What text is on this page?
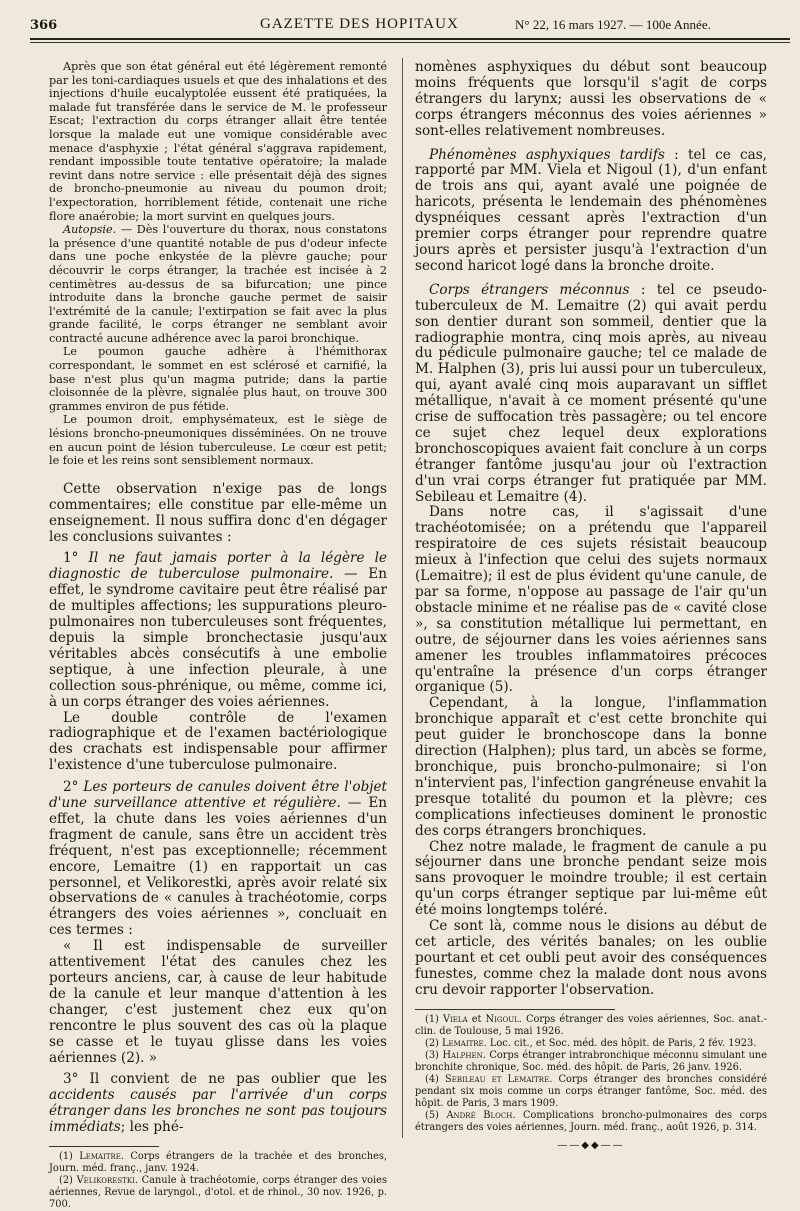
366	GAZETTE DES HOPITAUX	N° 22, 16 mars 1927. — 100e Année.

Après que son état général eut été légèrement remonté par les toni-cardiaques usuels et que des inhalations et des injections d'huile eucalyptolée eussent été pratiquées, la malade fut transférée dans le service de M. le professeur Escat; l'extraction du corps étranger allait être tentée lorsque la malade eut une vomique considérable avec menace d'asphyxie ; l'état général s'aggrava rapidement, rendant impossible toute tentative opératoire; la malade revint dans notre service : elle présentait déjà des signes de broncho-pneumonie au niveau du poumon droit; l'expectoration, horriblement fétide, contenait une riche flore anaérobie; la mort survint en quelques jours.

Autopsie. — Dès l'ouverture du thorax, nous constatons la présence d'une quantité notable de pus d'odeur infecte dans une poche enkystée de la plèvre gauche; pour découvrir le corps étranger, la trachée est incisée à 2 centimètres au-dessus de sa bifurcation; une pince introduite dans la bronche gauche permet de saisir l'extrémité de la canule; l'extirpation se fait avec la plus grande facilité, le corps étranger ne semblant avoir contracté aucune adhérence avec la paroi bronchique.

Le poumon gauche adhère à l'hémithorax correspondant, le sommet en est sclérosé et carnifié, la base n'est plus qu'un magma putride; dans la partie cloisonnée de la plèvre, signalée plus haut, on trouve 300 grammes environ de pus fétide.

Le poumon droit, emphysémateux, est le siège de lésions broncho-pneumoniques disséminées. On ne trouve en aucun point de lésion tuberculeuse. Le cœur est petit; le foie et les reins sont sensiblement normaux.

Cette observation n'exige pas de longs commentaires; elle constitue par elle-même un enseignement. Il nous suffira donc d'en dégager les conclusions suivantes :

1° Il ne faut jamais porter à la légère le diagnostic de tuberculose pulmonaire. — En effet, le syndrome cavitaire peut être réalisé par de multiples affections; les suppurations pleuro-pulmonaires non tuberculeuses sont fréquentes, depuis la simple bronchectasie jusqu'aux véritables abcès consécutifs à une embolie septique, à une infection pleurale, à une collection sous-phrénique, ou même, comme ici, à un corps étranger des voies aériennes.

Le double contrôle de l'examen radiographique et de l'examen bactériologique des crachats est indispensable pour affirmer l'existence d'une tuberculose pulmonaire.

2° Les porteurs de canules doivent être l'objet d'une surveillance attentive et régulière. — En effet, la chute dans les voies aériennes d'un fragment de canule, sans être un accident très fréquent, n'est pas exceptionnelle; récemment encore, Lemaitre (1) en rapportait un cas personnel, et Velikorestki, après avoir relaté six observations de « canules à trachéotomie, corps étrangers des voies aériennes », concluait en ces termes :

« Il est indispensable de surveiller attentivement l'état des canules chez les porteurs anciens, car, à cause de leur habitude de la canule et leur manque d'attention à les changer, c'est justement chez eux qu'on rencontre le plus souvent des cas où la plaque se casse et le tuyau glisse dans les voies aériennes (2). »

3° Il convient de ne pas oublier que les accidents causés par l'arrivée d'un corps étranger dans les bronches ne sont pas toujours immédiats; les phé-

(1) Lemaitre. Corps étrangers de la trachée et des bronches, Journ. méd. franç., janv. 1924.

(2) Velikorestki. Canule à trachéotomie, corps étranger des voies aériennes, Revue de laryngol., d'otol. et de rhinol., 30 nov. 1926, p. 700.

nomènes asphyxiques du début sont beaucoup moins fréquents que lorsqu'il s'agit de corps étrangers du larynx; aussi les observations de « corps étrangers méconnus des voies aériennes » sont-elles relativement nombreuses.

Phénomènes asphyxiques tardifs : tel ce cas, rapporté par MM. Viela et Nigoul (1), d'un enfant de trois ans qui, ayant avalé une poignée de haricots, présenta le lendemain des phénomènes dyspnéiques cessant après l'extraction d'un premier corps étranger pour reprendre quatre jours après et persister jusqu'à l'extraction d'un second haricot logé dans la bronche droite.

Corps étrangers méconnus : tel ce pseudo-tuberculeux de M. Lemaitre (2) qui avait perdu son dentier durant son sommeil, dentier que la radiographie montra, cinq mois après, au niveau du pédicule pulmonaire gauche; tel ce malade de M. Halphen (3), pris lui aussi pour un tuberculeux, qui, ayant avalé cinq mois auparavant un sifflet métallique, n'avait à ce moment présenté qu'une crise de suffocation très passagère; ou tel encore ce sujet chez lequel deux explorations bronchoscopiques avaient fait conclure à un corps étranger fantôme jusqu'au jour où l'extraction d'un vrai corps étranger fut pratiquée par MM. Sebileau et Lemaitre (4).

Dans notre cas, il s'agissait d'une trachéotomisée; on a prétendu que l'appareil respiratoire de ces sujets résistait beaucoup mieux à l'infection que celui des sujets normaux (Lemaitre); il est de plus évident qu'une canule, de par sa forme, n'oppose au passage de l'air qu'un obstacle minime et ne réalise pas de « cavité close », sa constitution métallique lui permettant, en outre, de séjourner dans les voies aériennes sans amener les troubles inflammatoires précoces qu'entraîne la présence d'un corps étranger organique (5).

Cependant, à la longue, l'inflammation bronchique apparaît et c'est cette bronchite qui peut guider le bronchoscope dans la bonne direction (Halphen); plus tard, un abcès se forme, bronchique, puis broncho-pulmonaire; si l'on n'intervient pas, l'infection gangréneuse envahit la presque totalité du poumon et la plèvre; ces complications infectieuses dominent le pronostic des corps étrangers bronchiques.

Chez notre malade, le fragment de canule a pu séjourner dans une bronche pendant seize mois sans provoquer le moindre trouble; il est certain qu'un corps étranger septique par lui-même eût été moins longtemps toléré.

Ce sont là, comme nous le disions au début de cet article, des vérités banales; on les oublie pourtant et cet oubli peut avoir des conséquences funestes, comme chez la malade dont nous avons cru devoir rapporter l'observation.

(1) Viela et Nigoul. Corps étranger des voies aériennes, Soc. anat.-clin. de Toulouse, 5 mai 1926.

(2) Lemaitre. Loc. cit., et Soc. méd. des hôpit. de Paris, 2 fév. 1923.

(3) Halphen. Corps étranger intrabronchique méconnu simulant une bronchite chronique, Soc. méd. des hôpit. de Paris, 26 janv. 1926.

(4) Sebileau et Lemaitre. Corps étranger des bronches considéré pendant six mois comme un corps étranger fantôme, Soc. méd. des hôpit. de Paris, 3 mars 1909.

(5) André Bloch. Complications broncho-pulmonaires des corps étrangers des voies aériennes, Journ. méd. franç., août 1926, p. 314.

——◆◆——
